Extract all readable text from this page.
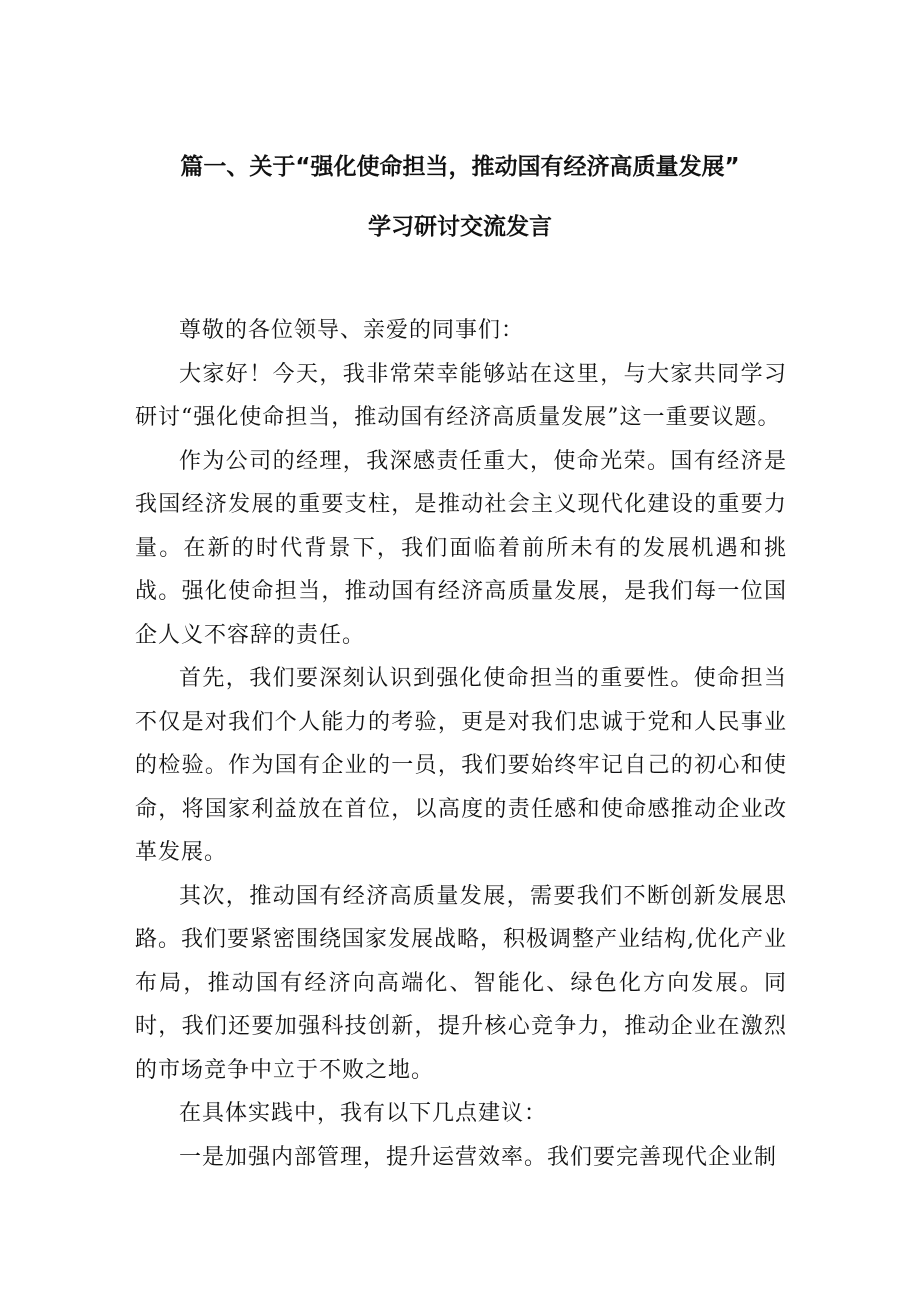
篇一、关于“强化使命担当，推动国有经济高质量发展”
学习研讨交流发言

尊敬的各位领导、亲爱的同事们：

大家好！今天，我非常荣幸能够站在这里，与大家共同学习研讨“强化使命担当，推动国有经济高质量发展”这一重要议题。

作为公司的经理，我深感责任重大，使命光荣。国有经济是我国经济发展的重要支柱，是推动社会主义现代化建设的重要力量。在新的时代背景下，我们面临着前所未有的发展机遇和挑战。强化使命担当，推动国有经济高质量发展，是我们每一位国企人义不容辞的责任。

首先，我们要深刻认识到强化使命担当的重要性。使命担当不仅是对我们个人能力的考验，更是对我们忠诚于党和人民事业的检验。作为国有企业的一员，我们要始终牢记自己的初心和使命，将国家利益放在首位，以高度的责任感和使命感推动企业改革发展。

其次，推动国有经济高质量发展，需要我们不断创新发展思路。我们要紧密围绕国家发展战略，积极调整产业结构,优化产业布局，推动国有经济向高端化、智能化、绿色化方向发展。同时，我们还要加强科技创新，提升核心竞争力，推动企业在激烈的市场竞争中立于不败之地。

在具体实践中，我有以下几点建议：

一是加强内部管理，提升运营效率。我们要完善现代企业制
